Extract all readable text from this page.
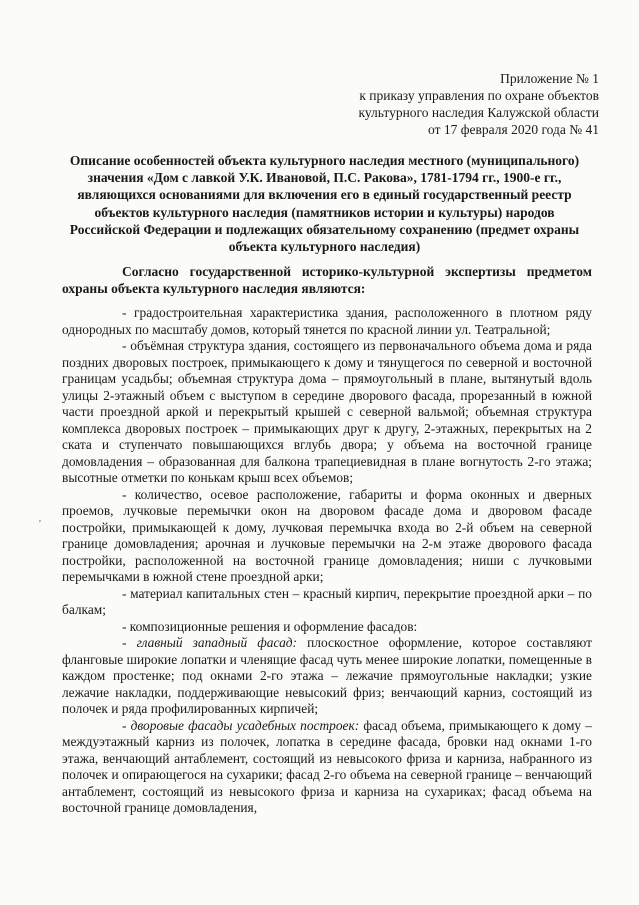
Приложение № 1
к приказу управления по охране объектов
культурного наследия Калужской области
от 17 февраля 2020 года № 41
Описание особенностей объекта культурного наследия местного (муниципального) значения «Дом с лавкой У.К. Ивановой, П.С. Ракова», 1781-1794 гг., 1900-е гг., являющихся основаниями для включения его в единый государственный реестр объектов культурного наследия (памятников истории и культуры) народов Российской Федерации и подлежащих обязательному сохранению (предмет охраны объекта культурного наследия)
Согласно государственной историко-культурной экспертизы предметом охраны объекта культурного наследия являются:
ʼ

- градостроительная характеристика здания, расположенного в плотном ряду однородных по масштабу домов, который тянется по красной линии ул. Театральной;

- объёмная структура здания, состоящего из первоначального объема дома и ряда поздних дворовых построек, примыкающего к дому и тянущегося по северной и восточной границам усадьбы; объемная структура дома – прямоугольный в плане, вытянутый вдоль улицы 2-этажный объем с выступом в середине дворового фасада, прорезанный в южной части проездной аркой и перекрытый крышей с северной вальмой; объемная структура комплекса дворовых построек – примыкающих друг к другу, 2-этажных, перекрытых на 2 ската и ступенчато повышающихся вглубь двора; у объема на восточной границе домовладения – образованная для балкона трапециевидная в плане вогнутость 2-го этажа; высотные отметки по конькам крыш всех объемов;

- количество, осевое расположение, габариты и форма оконных и дверных проемов, лучковые перемычки окон на дворовом фасаде дома и дворовом фасаде постройки, примыкающей к дому, лучковая перемычка входа во 2-й объем на северной границе домовладения; арочная и лучковые перемычки на 2-м этаже дворового фасада постройки, расположенной на восточной границе домовладения; ниши с лучковыми перемычками в южной стене проездной арки;

- материал капитальных стен – красный кирпич, перекрытие проездной арки – по балкам;

- композиционные решения и оформление фасадов:

- главный западный фасад: плоскостное оформление, которое составляют фланговые широкие лопатки и членящие фасад чуть менее широкие лопатки, помещенные в каждом простенке; под окнами 2-го этажа – лежачие прямоугольные накладки; узкие лежачие накладки, поддерживающие невысокий фриз; венчающий карниз, состоящий из полочек и ряда профилированных кирпичей;

- дворовые фасады усадебных построек: фасад объема, примыкающего к дому – междуэтажный карниз из полочек, лопатка в середине фасада, бровки над окнами 1-го этажа, венчающий антаблемент, состоящий из невысокого фриза и карниза, набранного из полочек и опирающегося на сухарики; фасад 2-го объема на северной границе – венчающий антаблемент, состоящий из невысокого фриза и карниза на сухариках; фасад объема на восточной границе домовладения,
